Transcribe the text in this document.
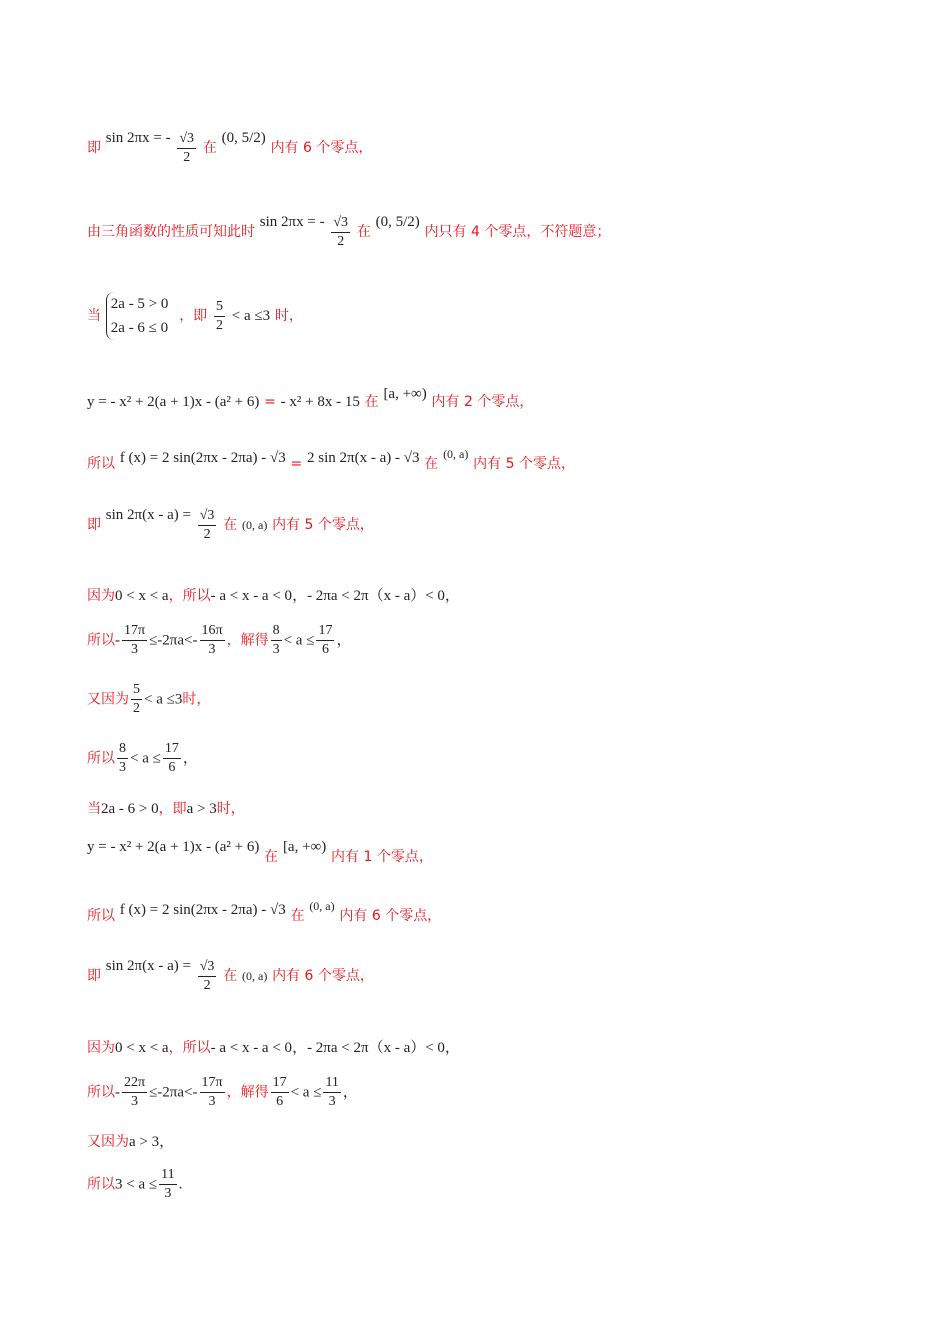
即 sin 2πx = - $\frac{√3}{2}$ 在 (0, 5/2) 内有 6 个零点，
由三角函数的性质可知此时 sin 2πx = - $\frac{√3}{2}$ 在 (0, 5/2) 内只有 4 个零点，不符题意；
当
2a - 5 > 0
2a - 6 ≤ 0
，即 $\frac{5}{2} < a \le 3$ 时，
y = - x² + 2(a + 1)x - (a² + 6) = - x² + 8x - 15 在 [a, +∞) 内有 2 个零点，
所以 f (x) = 2 sin(2πx - 2πa) - √3 = 2 sin 2π(x - a) - √3 在 $^{(0, a)}$ 内有 5 个零点，
即 $\sin 2\pi(x - a) = \frac{√3}{2}$ 在 (0, a) 内有 5 个零点，
因为0 < x < a，所以- a < x - a < 0，- 2πa < 2π（x - a）< 0，
所以- $\frac{17\pi}{3} \le-2\pi a<- \frac{16\pi}{3}$ ，解得 $\frac{8}{3} < a \le \frac{17}{6}$ ，
又因为 $\frac{5}{2} < a \le 3$时，
所以 $\frac{8}{3} < a \le \frac{17}{6}$ ，
当2a - 6 > 0，即a > 3时，
y = - x² + 2(a + 1)x - (a² + 6) 在 [a, +∞) 内有 1 个零点，
所以 f (x) = 2 sin(2πx - 2πa) - √3 在 $^{(0, a)}$ 内有 6 个零点，
即 $\sin 2\pi(x - a) = \frac{√3}{2}$ 在 (0, a) 内有 6 个零点，
因为0 < x < a，所以- a < x - a < 0，- 2πa < 2π（x - a）< 0，
所以- $\frac{22\pi}{3} \le-2\pi a<- \frac{17\pi}{3}$ ，解得 $\frac{17}{6} < a \le \frac{11}{3}$ ，
又因为a > 3，
所以$3 < a \le \frac{11}{3}$ .
